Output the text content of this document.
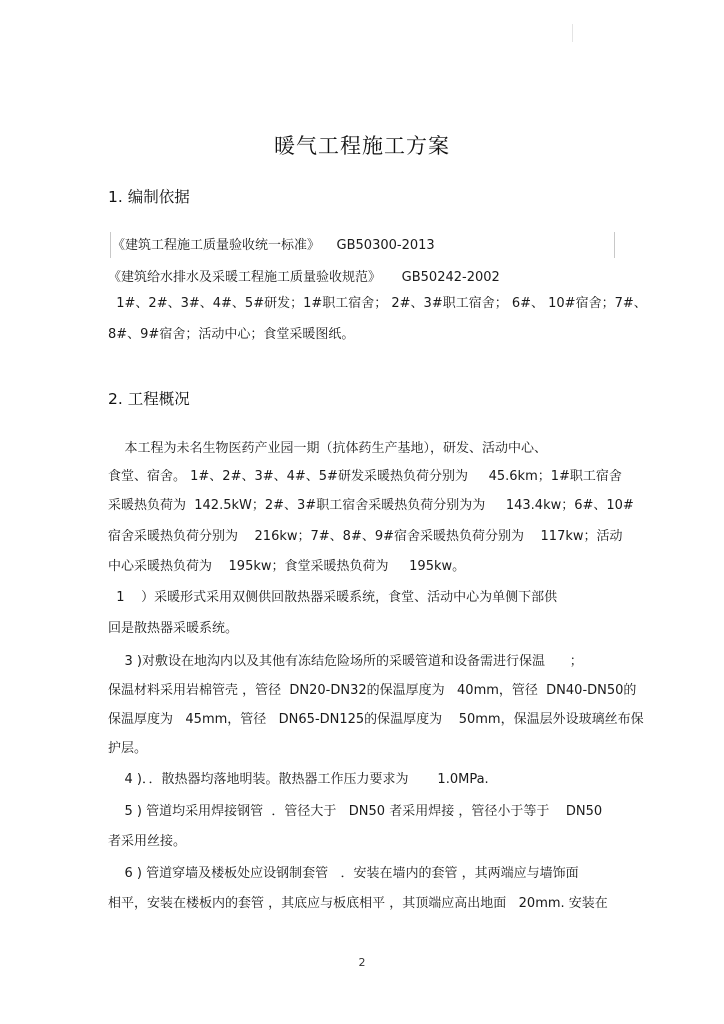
暖气工程施工方案
1. 编制依据
《建筑工程施工质量验收统一标准》    GB50300-2013
《建筑给水排水及采暖工程施工质量验收规范》     GB50242-2002
1#、2#、3#、4#、5#研发；1#职工宿舍； 2#、3#职工宿舍； 6#、 10#宿舍；7#、
8#、9#宿舍；活动中心；食堂采暖图纸。
2. 工程概况
本工程为未名生物医药产业园一期（抗体药生产基地），研发、活动中心、
食堂、宿舍。 1#、2#、3#、4#、5#研发采暖热负荷分别为     45.6km；1#职工宿舍
采暖热负荷为  142.5kW；2#、3#职工宿舍采暖热负荷分别为为     143.4kw；6#、10#
宿舍采暖热负荷分别为    216kw；7#、8#、9#宿舍采暖热负荷分别为    117kw；活动
中心采暖热负荷为    195kw；食堂采暖热负荷为     195kw。
1    ）采暖形式采用双侧供回散热器采暖系统，食堂、活动中心为单侧下部供
回是散热器采暖系统。
3 )对敷设在地沟内以及其他有冻结危险场所的采暖管道和设备需进行保温      ；
保温材料采用岩棉管壳 ，管径  DN20-DN32的保温厚度为   40mm，管径  DN40-DN50的
保温厚度为   45mm，管径   DN65-DN125的保温厚度为    50mm，保温层外设玻璃丝布保
护层。
4 )．．散热器均落地明装。散热器工作压力要求为       1.0MPa.
5 ) 管道均采用焊接钢管  ．管径大于   DN50 者采用焊接 ，管径小于等于    DN50
者采用丝接。
6 ) 管道穿墙及楼板处应设钢制套管   ．安装在墙内的套管 ，其两端应与墙饰面
相平，安装在楼板内的套管 ，其底应与板底相平 ，其顶端应高出地面   20mm. 安装在
2
